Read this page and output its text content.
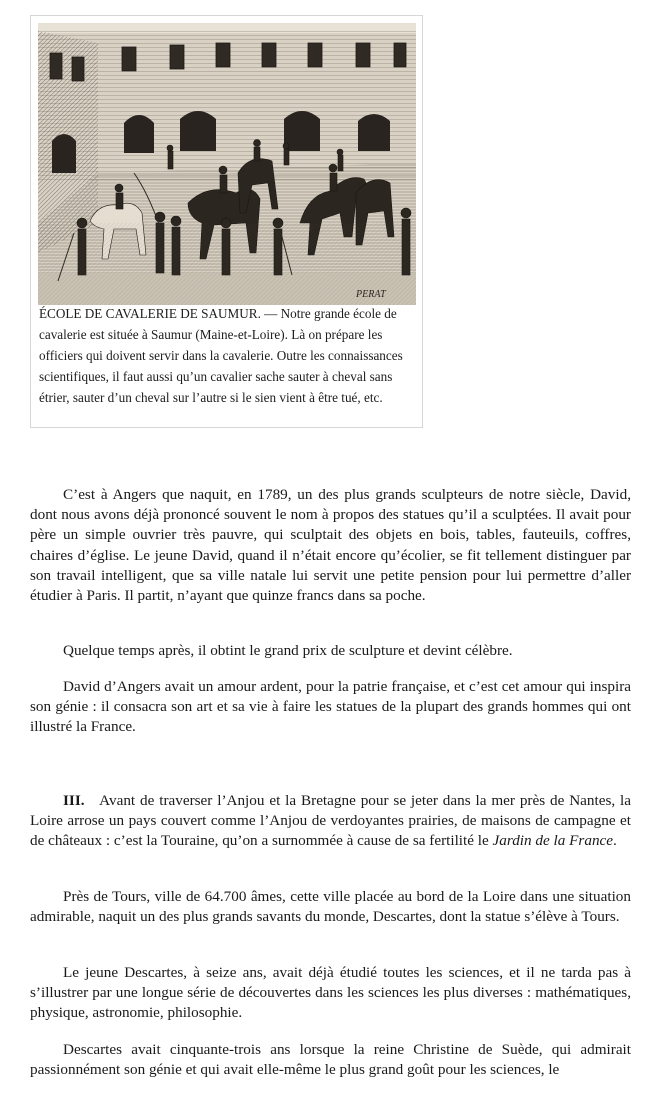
PERAT
ÉCOLE DE CAVALERIE DE SAUMUR. — Notre grande école de cavalerie est située à Saumur (Maine-et-Loire). Là on prépare les officiers qui doivent servir dans la cavalerie. Outre les connaissances scientifiques, il faut aussi qu’un cavalier sache sauter à cheval sans étrier, sauter d’un cheval sur l’autre si le sien vient à être tué, etc.

C’est à Angers que naquit, en 1789, un des plus grands sculpteurs de notre siècle, David, dont nous avons déjà prononcé souvent le nom à propos des statues qu’il a sculptées. Il avait pour père un simple ouvrier très pauvre, qui sculptait des objets en bois, tables, fauteuils, coffres, chaires d’église. Le jeune David, quand il n’était encore qu’écolier, se fit tellement distinguer par son travail intelligent, que sa ville natale lui servit une petite pension pour lui permettre d’aller étudier à Paris. Il partit, n’ayant que quinze francs dans sa poche.

Quelque temps après, il obtint le grand prix de sculpture et devint célèbre.

David d’Angers avait un amour ardent, pour la patrie française, et c’est cet amour qui inspira son génie : il consacra son art et sa vie à faire les statues de la plupart des grands hommes qui ont illustré la France.

III. Avant de traverser l’Anjou et la Bretagne pour se jeter dans la mer près de Nantes, la Loire arrose un pays couvert comme l’Anjou de verdoyantes prairies, de maisons de campagne et de châteaux : c’est la Touraine, qu’on a surnommée à cause de sa fertilité le Jardin de la France.

Près de Tours, ville de 64.700 âmes, cette ville placée au bord de la Loire dans une situation admirable, naquit un des plus grands savants du monde, Descartes, dont la statue s’élève à Tours.

Le jeune Descartes, à seize ans, avait déjà étudié toutes les sciences, et il ne tarda pas à s’illustrer par une longue série de découvertes dans les sciences les plus diverses : mathématiques, physique, astronomie, philosophie.

Descartes avait cinquante-trois ans lorsque la reine Christine de Suède, qui admirait passionnément son génie et qui avait elle-même le plus grand goût pour les sciences, le
